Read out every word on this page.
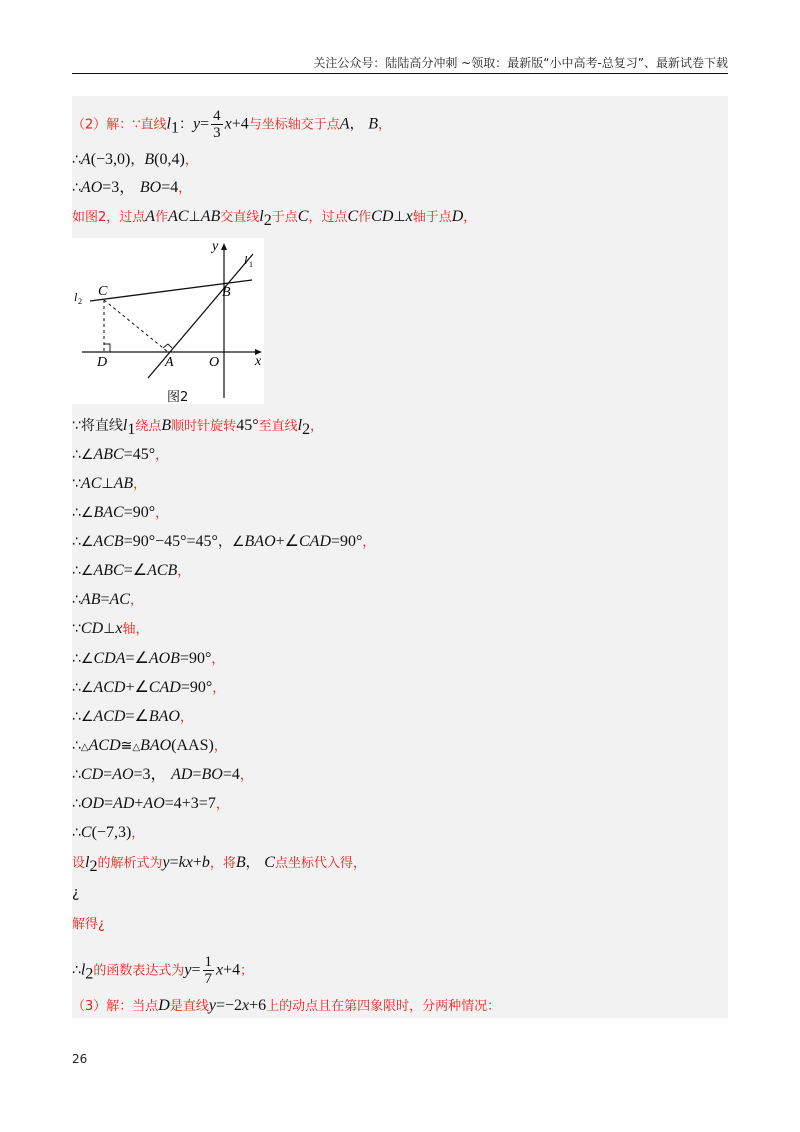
关注公众号：陆陆高分冲刺 ~领取：最新版“小中高考-总复习”、最新试卷下载
（2）解：∵直线$l_1$：$y= \frac{4}{3} x+4$与坐标轴交于点A， B，
∴A(−3,0)，B(0,4)，
∴AO=3， BO=4，
如图2，过点A作AC⊥AB交直线$l_2$于点C，过点C作CD⊥x轴于点D，
y
x
l 1
l 2
C	B
D	A	O
图2
∵将直线$l_1$绕点B顺时针旋转45°至直线$l_2$，
∴∠ABC=45°，
∵AC⊥AB，
∴∠BAC=90°，
∴∠ACB=90°−45°=45°，∠BAO+∠CAD=90°，
∴∠ABC=∠ACB，
∴AB=AC，
∵CD⊥x轴，
∴∠CDA=∠AOB=90°，
∴∠ACD+∠CAD=90°，
∴∠ACD=∠BAO，
∴△ACD≅△BAO(AAS)，
∴CD=AO=3， AD=BO=4，
∴OD=AD+AO=4+3=7，
∴C(−7,3)，
设$l_2$的解析式为y=kx+b，将B， C点坐标代入得，
¿
解得¿
$\therefore l_2$的函数表达式为$y= \frac{1}{7} x+4$；
（3）解：当点D是直线y=−2x+6上的动点且在第四象限时，分两种情况：
26
